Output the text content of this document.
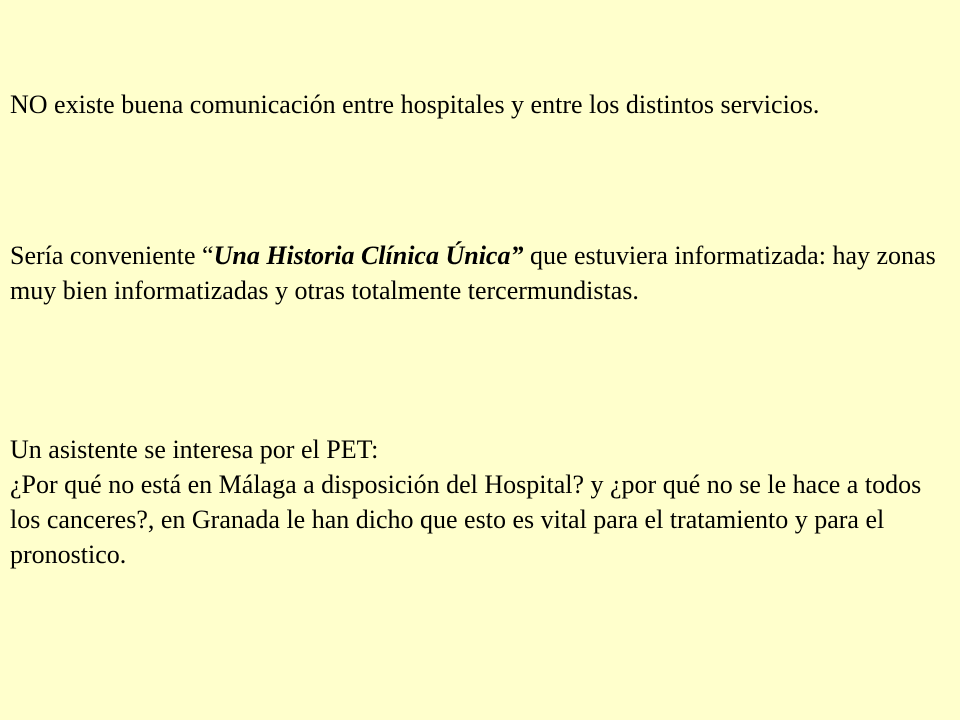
NO existe buena comunicación entre hospitales y entre los distintos servicios.

Sería conveniente “Una Historia Clínica Única” que estuviera informatizada: hay zonas muy bien informatizadas y otras totalmente tercermundistas.

Un asistente se interesa por el PET:
¿Por qué no está en Málaga a disposición del Hospital? y ¿por qué no se le hace a todos los canceres?, en Granada le han dicho que esto es vital para el tratamiento y para el pronostico.
